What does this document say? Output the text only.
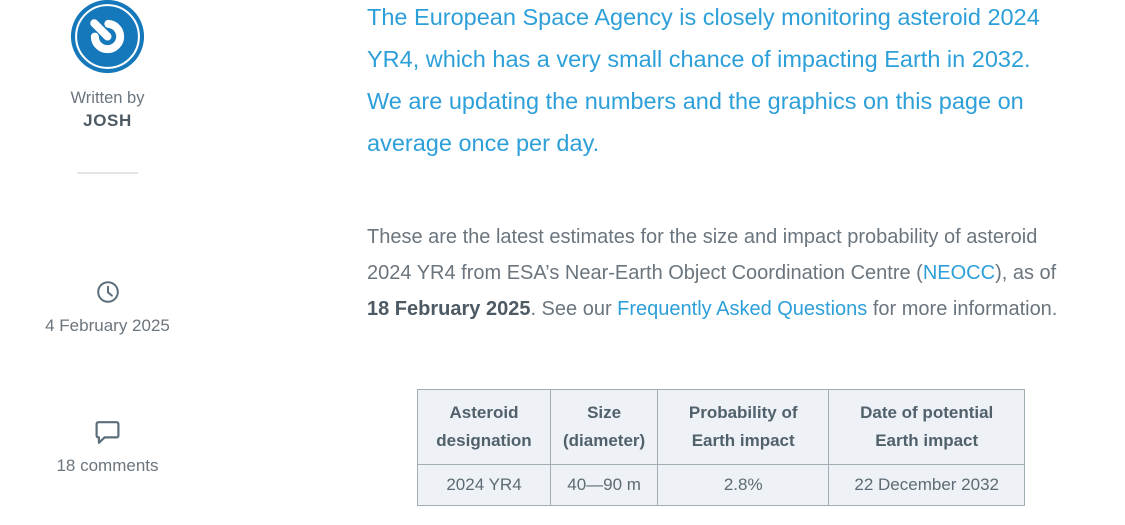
Written by
JOSH
4 February 2025
18 comments

The European Space Agency is closely monitoring asteroid 2024 YR4, which has a very small chance of impacting Earth in 2032. We are updating the numbers and the graphics on this page on average once per day.

These are the latest estimates for the size and impact probability of asteroid 2024 YR4 from ESA’s Near-Earth Object Coordination Centre (NEOCC), as of 18 February 2025. See our Frequently Asked Questions for more information.

Asteroid designation	Size (diameter)	Probability of Earth impact	Date of potential Earth impact
2024 YR4	40—90 m	2.8%	22 December 2032
